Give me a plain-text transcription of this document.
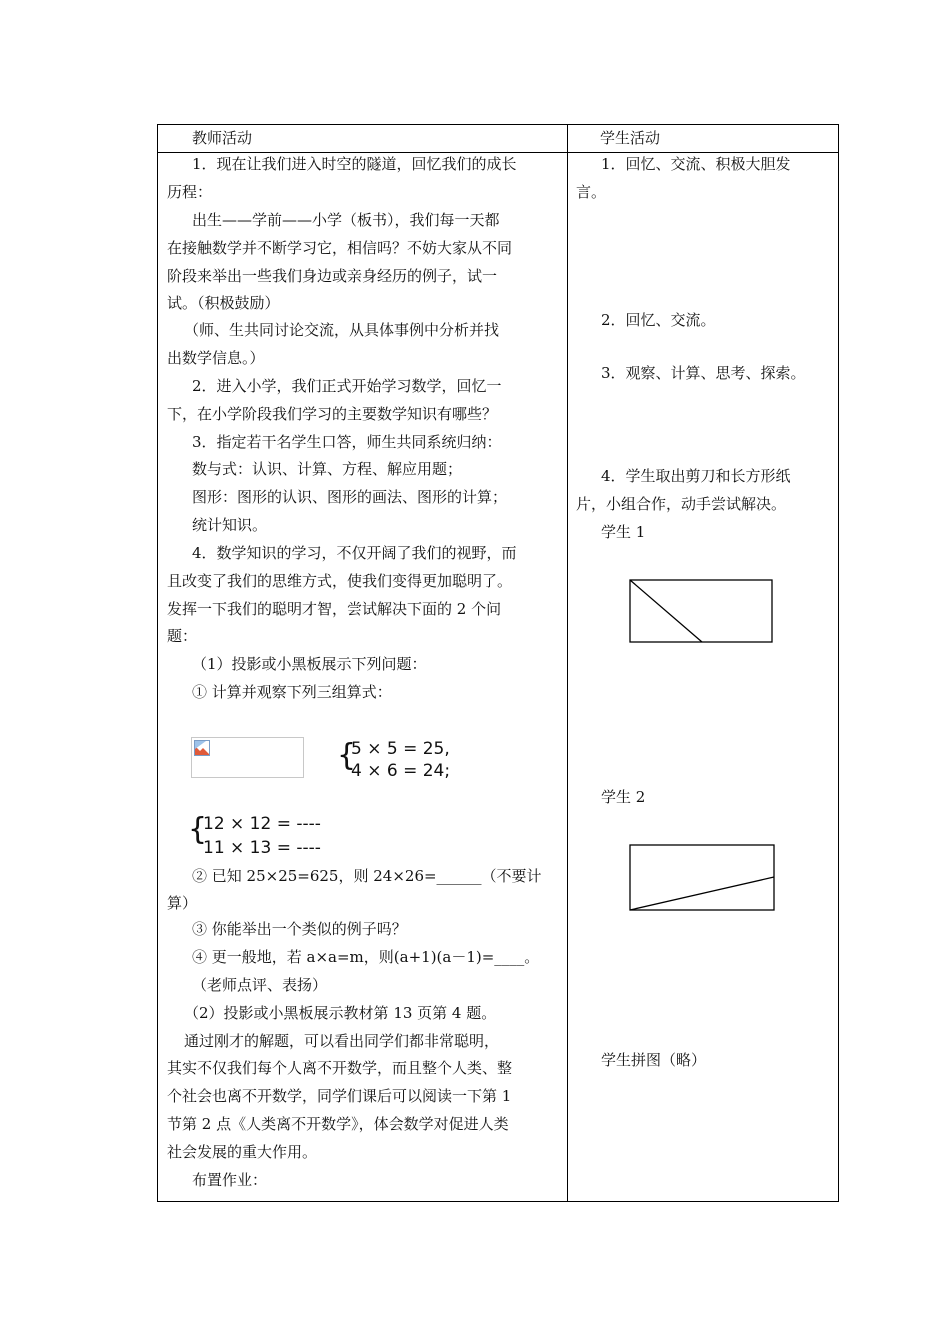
教师活动	学生活动
1．现在让我们进入时空的隧道，回忆我们的成长
历程：
出生——学前——小学（板书），我们每一天都
在接触数学并不断学习它，相信吗？不妨大家从不同
阶段来举出一些我们身边或亲身经历的例子，试一
试。（积极鼓励）
（师、生共同讨论交流，从具体事例中分析并找
出数学信息。）
2．进入小学，我们正式开始学习数学，回忆一
下，在小学阶段我们学习的主要数学知识有哪些？
3．指定若干名学生口答，师生共同系统归纳：
数与式：认识、计算、方程、解应用题；
图形：图形的认识、图形的画法、图形的计算；
统计知识。
4．数学知识的学习，不仅开阔了我们的视野，而
且改变了我们的思维方式，使我们变得更加聪明了。
发挥一下我们的聪明才智，尝试解决下面的 2 个问
题：
（1）投影或小黑板展示下列问题：
① 计算并观察下列三组算式：
{
5 × 5 = 25,
4 × 6 = 24;
{
12 × 12 = ----
11 × 13 = ----
② 已知 25×25=625，则 24×26=______（不要计
算）
③ 你能举出一个类似的例子吗？
④ 更一般地，若 a×a=m，则(a+1)(a－1)=____。
（老师点评、表扬）
（2）投影或小黑板展示教材第 13 页第 4 题。
通过刚才的解题，可以看出同学们都非常聪明，
其实不仅我们每个人离不开数学，而且整个人类、整
个社会也离不开数学，同学们课后可以阅读一下第 1
节第 2 点《人类离不开数学》，体会数学对促进人类
社会发展的重大作用。
布置作业：
1．回忆、交流、积极大胆发
言。
2．回忆、交流。
3．观察、计算、思考、探索。
4．学生取出剪刀和长方形纸
片，小组合作，动手尝试解决。
学生 1
学生 2
学生拼图（略）
